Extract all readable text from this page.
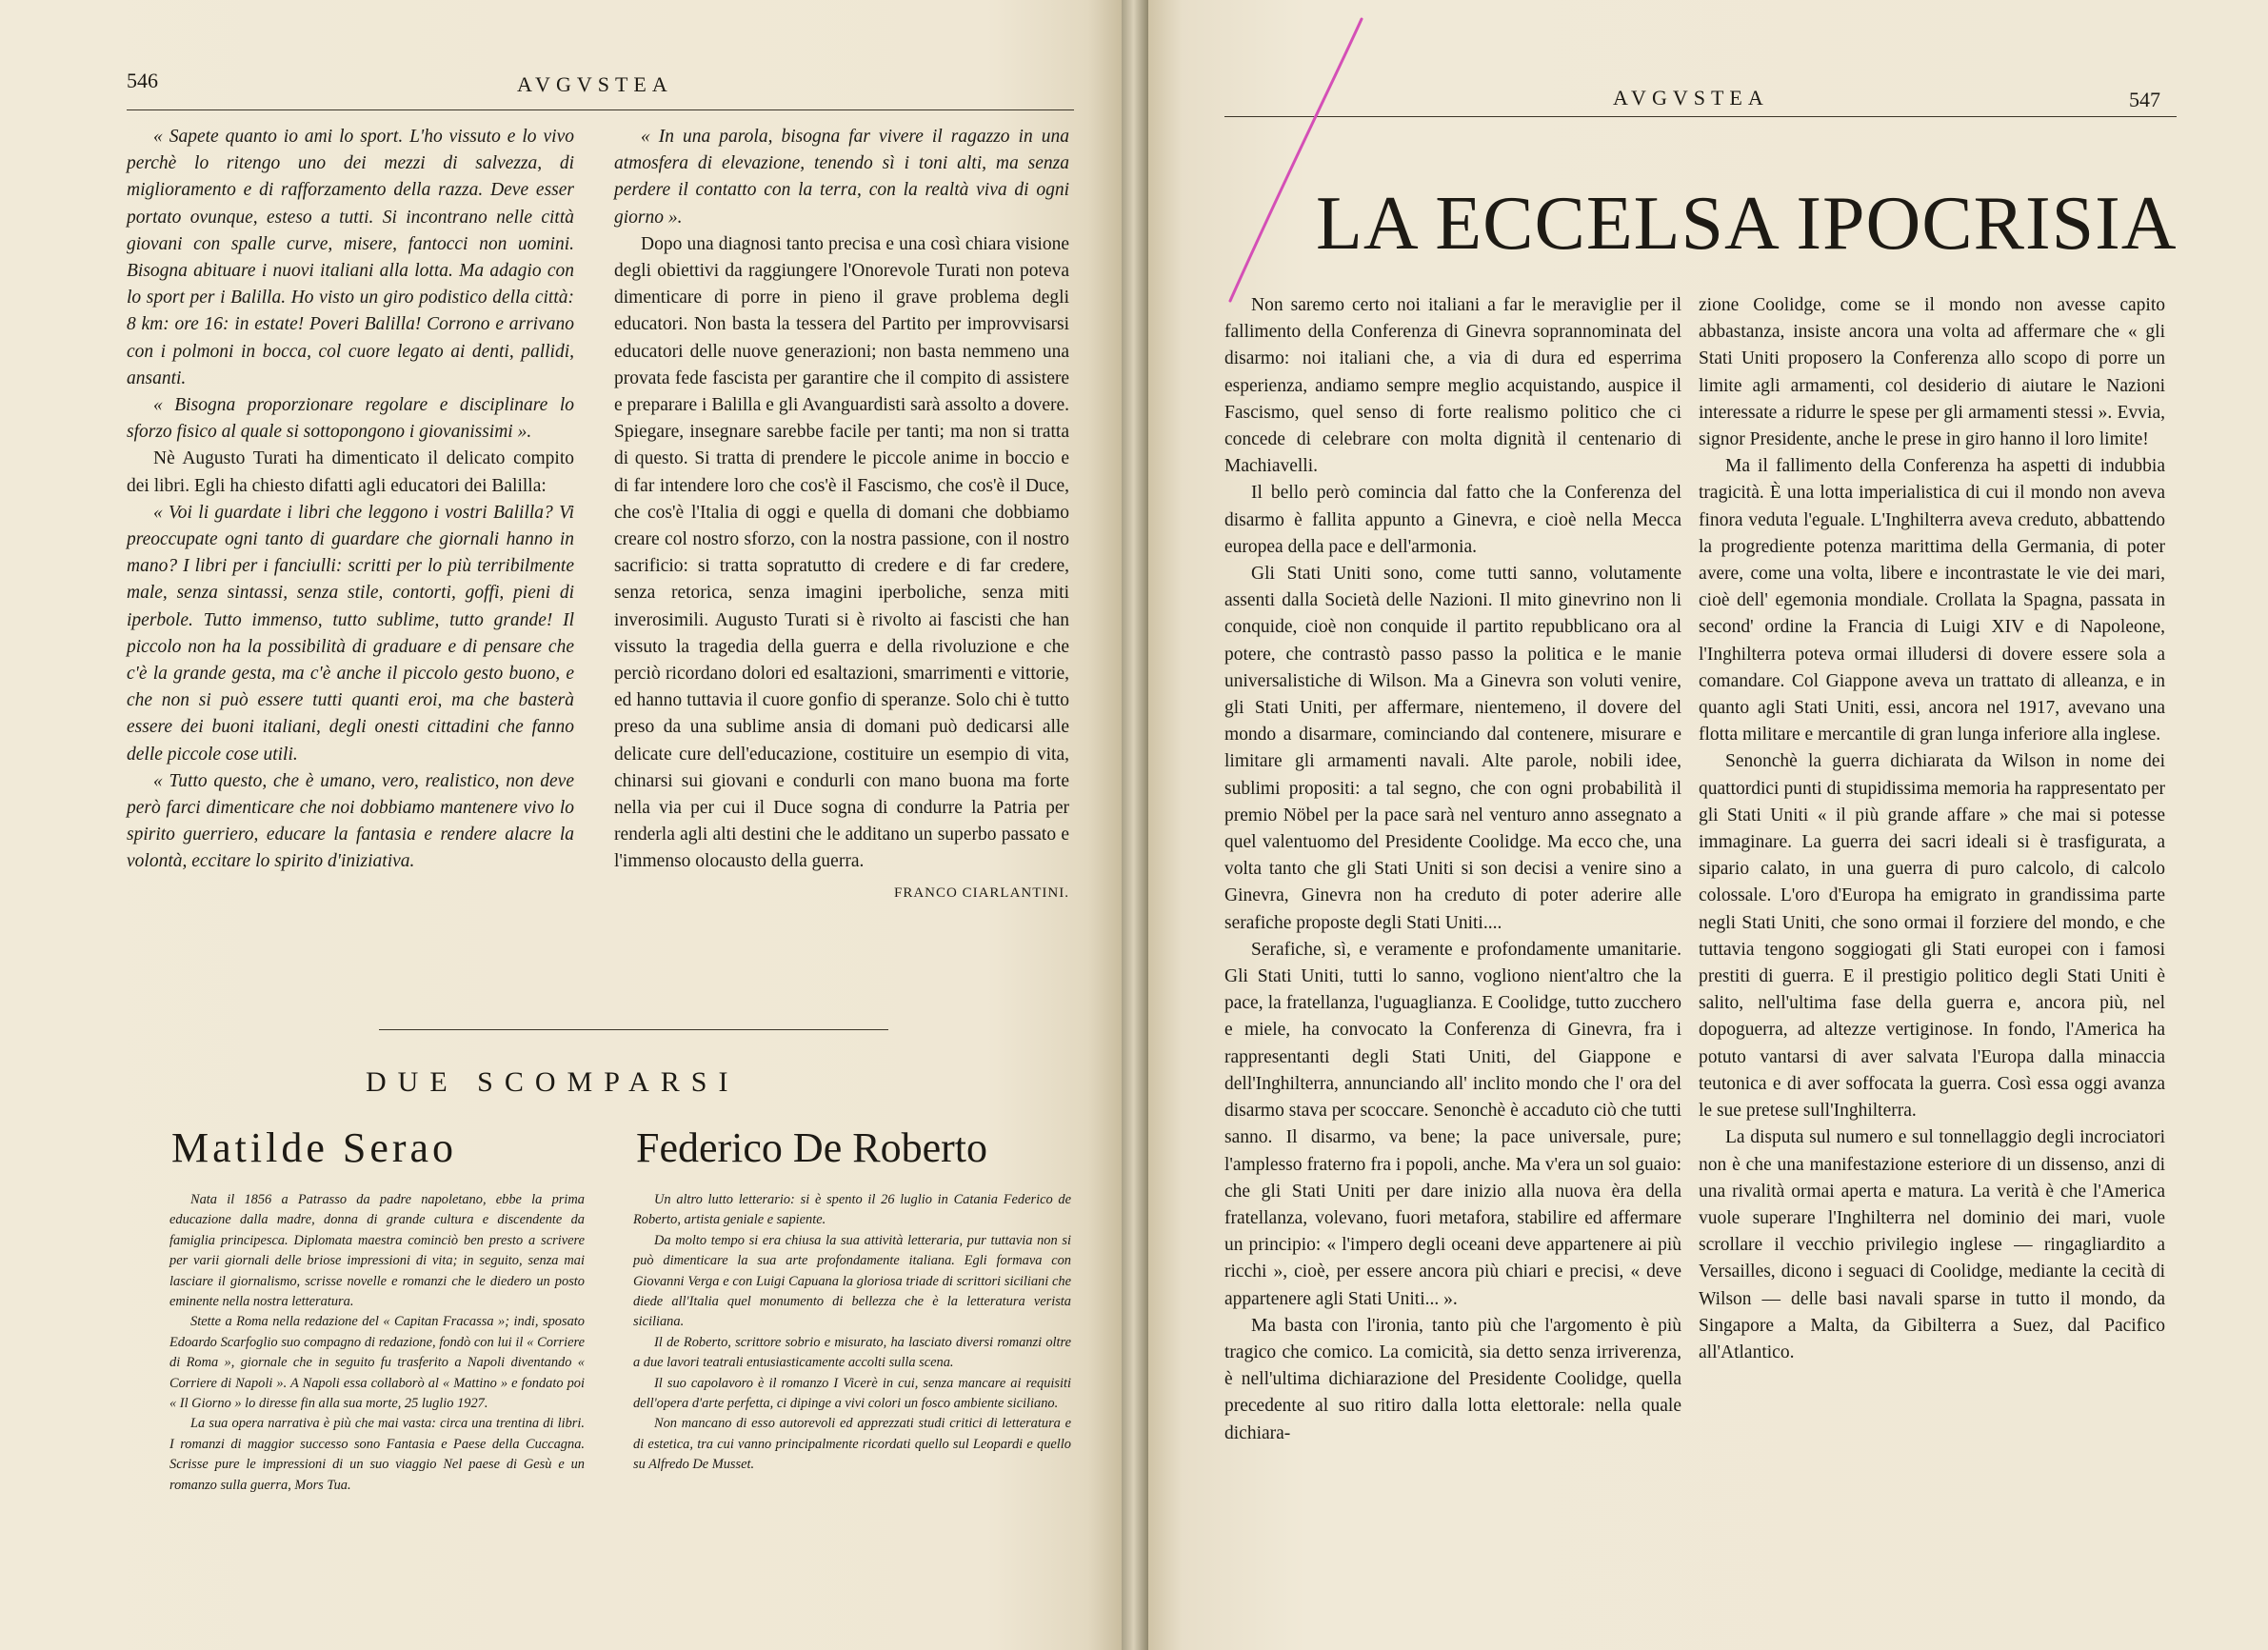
546	AVGVSTEA

« Sapete quanto io ami lo sport. L'ho vissuto e lo vivo perchè lo ritengo uno dei mezzi di salvezza, di miglioramento e di rafforzamento della razza. Deve esser portato ovunque, esteso a tutti. Si incontrano nelle città giovani con spalle curve, misere, fantocci non uomini. Bisogna abituare i nuovi italiani alla lotta. Ma adagio con lo sport per i Balilla. Ho visto un giro podistico della città: 8 km: ore 16: in estate! Poveri Balilla! Corrono e arrivano con i polmoni in bocca, col cuore legato ai denti, pallidi, ansanti.

« Bisogna proporzionare regolare e disciplinare lo sforzo fisico al quale si sottopongono i giovanissimi ».

Nè Augusto Turati ha dimenticato il delicato compito dei libri. Egli ha chiesto difatti agli educatori dei Balilla:

« Voi li guardate i libri che leggono i vostri Balilla? Vi preoccupate ogni tanto di guardare che giornali hanno in mano? I libri per i fanciulli: scritti per lo più terribilmente male, senza sintassi, senza stile, contorti, goffi, pieni di iperbole. Tutto immenso, tutto sublime, tutto grande! Il piccolo non ha la possibilità di graduare e di pensare che c'è la grande gesta, ma c'è anche il piccolo gesto buono, e che non si può essere tutti quanti eroi, ma che basterà essere dei buoni italiani, degli onesti cittadini che fanno delle piccole cose utili.

« Tutto questo, che è umano, vero, realistico, non deve però farci dimenticare che noi dobbiamo mantenere vivo lo spirito guerriero, educare la fantasia e rendere alacre la volontà, eccitare lo spirito d'iniziativa.

« In una parola, bisogna far vivere il ragazzo in una atmosfera di elevazione, tenendo sì i toni alti, ma senza perdere il contatto con la terra, con la realtà viva di ogni giorno ».

Dopo una diagnosi tanto precisa e una così chiara visione degli obiettivi da raggiungere l'Onorevole Turati non poteva dimenticare di porre in pieno il grave problema degli educatori. Non basta la tessera del Partito per improvvisarsi educatori delle nuove generazioni; non basta nemmeno una provata fede fascista per garantire che il compito di assistere e preparare i Balilla e gli Avanguardisti sarà assolto a dovere. Spiegare, insegnare sarebbe facile per tanti; ma non si tratta di questo. Si tratta di prendere le piccole anime in boccio e di far intendere loro che cos'è il Fascismo, che cos'è il Duce, che cos'è l'Italia di oggi e quella di domani che dobbiamo creare col nostro sforzo, con la nostra passione, con il nostro sacrificio: si tratta sopratutto di credere e di far credere, senza retorica, senza imagini iperboliche, senza miti inverosimili. Augusto Turati si è rivolto ai fascisti che han vissuto la tragedia della guerra e della rivoluzione e che perciò ricordano dolori ed esaltazioni, smarrimenti e vittorie, ed hanno tuttavia il cuore gonfio di speranze. Solo chi è tutto preso da una sublime ansia di domani può dedicarsi alle delicate cure dell'educazione, costituire un esempio di vita, chinarsi sui giovani e condurli con mano buona ma forte nella via per cui il Duce sogna di condurre la Patria per renderla agli alti destini che le additano un superbo passato e l'immenso olocausto della guerra.

FRANCO CIARLANTINI.

DUE SCOMPARSI
Matilde Serao	Federico De Roberto

Nata il 1856 a Patrasso da padre napoletano, ebbe la prima educazione dalla madre, donna di grande cultura e discendente da famiglia principesca. Diplomata maestra cominciò ben presto a scrivere per varii giornali delle briose impressioni di vita; in seguito, senza mai lasciare il giornalismo, scrisse novelle e romanzi che le diedero un posto eminente nella nostra letteratura.

Stette a Roma nella redazione del « Capitan Fracassa »; indi, sposato Edoardo Scarfoglio suo compagno di redazione, fondò con lui il « Corriere di Roma », giornale che in seguito fu trasferito a Napoli diventando « Corriere di Napoli ». A Napoli essa collaborò al « Mattino » e fondato poi « Il Giorno » lo diresse fin alla sua morte, 25 luglio 1927.

La sua opera narrativa è più che mai vasta: circa una trentina di libri. I romanzi di maggior successo sono Fantasia e Paese della Cuccagna. Scrisse pure le impressioni di un suo viaggio Nel paese di Gesù e un romanzo sulla guerra, Mors Tua.

Un altro lutto letterario: si è spento il 26 luglio in Catania Federico de Roberto, artista geniale e sapiente.

Da molto tempo si era chiusa la sua attività letteraria, pur tuttavia non si può dimenticare la sua arte profondamente italiana. Egli formava con Giovanni Verga e con Luigi Capuana la gloriosa triade di scrittori siciliani che diede all'Italia quel monumento di bellezza che è la letteratura verista siciliana.

Il de Roberto, scrittore sobrio e misurato, ha lasciato diversi romanzi oltre a due lavori teatrali entusiasticamente accolti sulla scena.

Il suo capolavoro è il romanzo I Vicerè in cui, senza mancare ai requisiti dell'opera d'arte perfetta, ci dipinge a vivi colori un fosco ambiente siciliano.

Non mancano di esso autorevoli ed apprezzati studi critici di letteratura e di estetica, tra cui vanno principalmente ricordati quello sul Leopardi e quello su Alfredo De Musset.

AVGVSTEA	547
LA ECCELSA IPOCRISIA

Non saremo certo noi italiani a far le meraviglie per il fallimento della Conferenza di Ginevra soprannominata del disarmo: noi italiani che, a via di dura ed esperrima esperienza, andiamo sempre meglio acquistando, auspice il Fascismo, quel senso di forte realismo politico che ci concede di celebrare con molta dignità il centenario di Machiavelli.

Il bello però comincia dal fatto che la Conferenza del disarmo è fallita appunto a Ginevra, e cioè nella Mecca europea della pace e dell'armonia.

Gli Stati Uniti sono, come tutti sanno, volutamente assenti dalla Società delle Nazioni. Il mito ginevrino non li conquide, cioè non conquide il partito repubblicano ora al potere, che contrastò passo passo la politica e le manie universalistiche di Wilson. Ma a Ginevra son voluti venire, gli Stati Uniti, per affermare, nientemeno, il dovere del mondo a disarmare, cominciando dal contenere, misurare e limitare gli armamenti navali. Alte parole, nobili idee, sublimi propositi: a tal segno, che con ogni probabilità il premio Nöbel per la pace sarà nel venturo anno assegnato a quel valentuomo del Presidente Coolidge. Ma ecco che, una volta tanto che gli Stati Uniti si son decisi a venire sino a Ginevra, Ginevra non ha creduto di poter aderire alle serafiche proposte degli Stati Uniti....

Serafiche, sì, e veramente e profondamente umanitarie. Gli Stati Uniti, tutti lo sanno, vogliono nient'altro che la pace, la fratellanza, l'uguaglianza. E Coolidge, tutto zucchero e miele, ha convocato la Conferenza di Ginevra, fra i rappresentanti degli Stati Uniti, del Giappone e dell'Inghilterra, annunciando all' inclito mondo che l' ora del disarmo stava per scoccare. Senonchè è accaduto ciò che tutti sanno. Il disarmo, va bene; la pace universale, pure; l'amplesso fraterno fra i popoli, anche. Ma v'era un sol guaio: che gli Stati Uniti per dare inizio alla nuova èra della fratellanza, volevano, fuori metafora, stabilire ed affermare un principio: « l'impero degli oceani deve appartenere ai più ricchi », cioè, per essere ancora più chiari e precisi, « deve appartenere agli Stati Uniti... ».

Ma basta con l'ironia, tanto più che l'argomento è più tragico che comico. La comicità, sia detto senza irriverenza, è nell'ultima dichiarazione del Presidente Coolidge, quella precedente al suo ritiro dalla lotta elettorale: nella quale dichiara-

zione Coolidge, come se il mondo non avesse capito abbastanza, insiste ancora una volta ad affermare che « gli Stati Uniti proposero la Conferenza allo scopo di porre un limite agli armamenti, col desiderio di aiutare le Nazioni interessate a ridurre le spese per gli armamenti stessi ». Evvia, signor Presidente, anche le prese in giro hanno il loro limite!

Ma il fallimento della Conferenza ha aspetti di indubbia tragicità. È una lotta imperialistica di cui il mondo non aveva finora veduta l'eguale. L'Inghilterra aveva creduto, abbattendo la progrediente potenza marittima della Germania, di poter avere, come una volta, libere e incontrastate le vie dei mari, cioè dell' egemonia mondiale. Crollata la Spagna, passata in second' ordine la Francia di Luigi XIV e di Napoleone, l'Inghilterra poteva ormai illudersi di dovere essere sola a comandare. Col Giappone aveva un trattato di alleanza, e in quanto agli Stati Uniti, essi, ancora nel 1917, avevano una flotta militare e mercantile di gran lunga inferiore alla inglese.

Senonchè la guerra dichiarata da Wilson in nome dei quattordici punti di stupidissima memoria ha rappresentato per gli Stati Uniti « il più grande affare » che mai si potesse immaginare. La guerra dei sacri ideali si è trasfigurata, a sipario calato, in una guerra di puro calcolo, di calcolo colossale. L'oro d'Europa ha emigrato in grandissima parte negli Stati Uniti, che sono ormai il forziere del mondo, e che tuttavia tengono soggiogati gli Stati europei con i famosi prestiti di guerra. E il prestigio politico degli Stati Uniti è salito, nell'ultima fase della guerra e, ancora più, nel dopoguerra, ad altezze vertiginose. In fondo, l'America ha potuto vantarsi di aver salvata l'Europa dalla minaccia teutonica e di aver soffocata la guerra. Così essa oggi avanza le sue pretese sull'Inghilterra.

La disputa sul numero e sul tonnellaggio degli incrociatori non è che una manifestazione esteriore di un dissenso, anzi di una rivalità ormai aperta e matura. La verità è che l'America vuole superare l'Inghilterra nel dominio dei mari, vuole scrollare il vecchio privilegio inglese — ringagliardito a Versailles, dicono i seguaci di Coolidge, mediante la cecità di Wilson — delle basi navali sparse in tutto il mondo, da Singapore a Malta, da Gibilterra a Suez, dal Pacifico all'Atlantico.
